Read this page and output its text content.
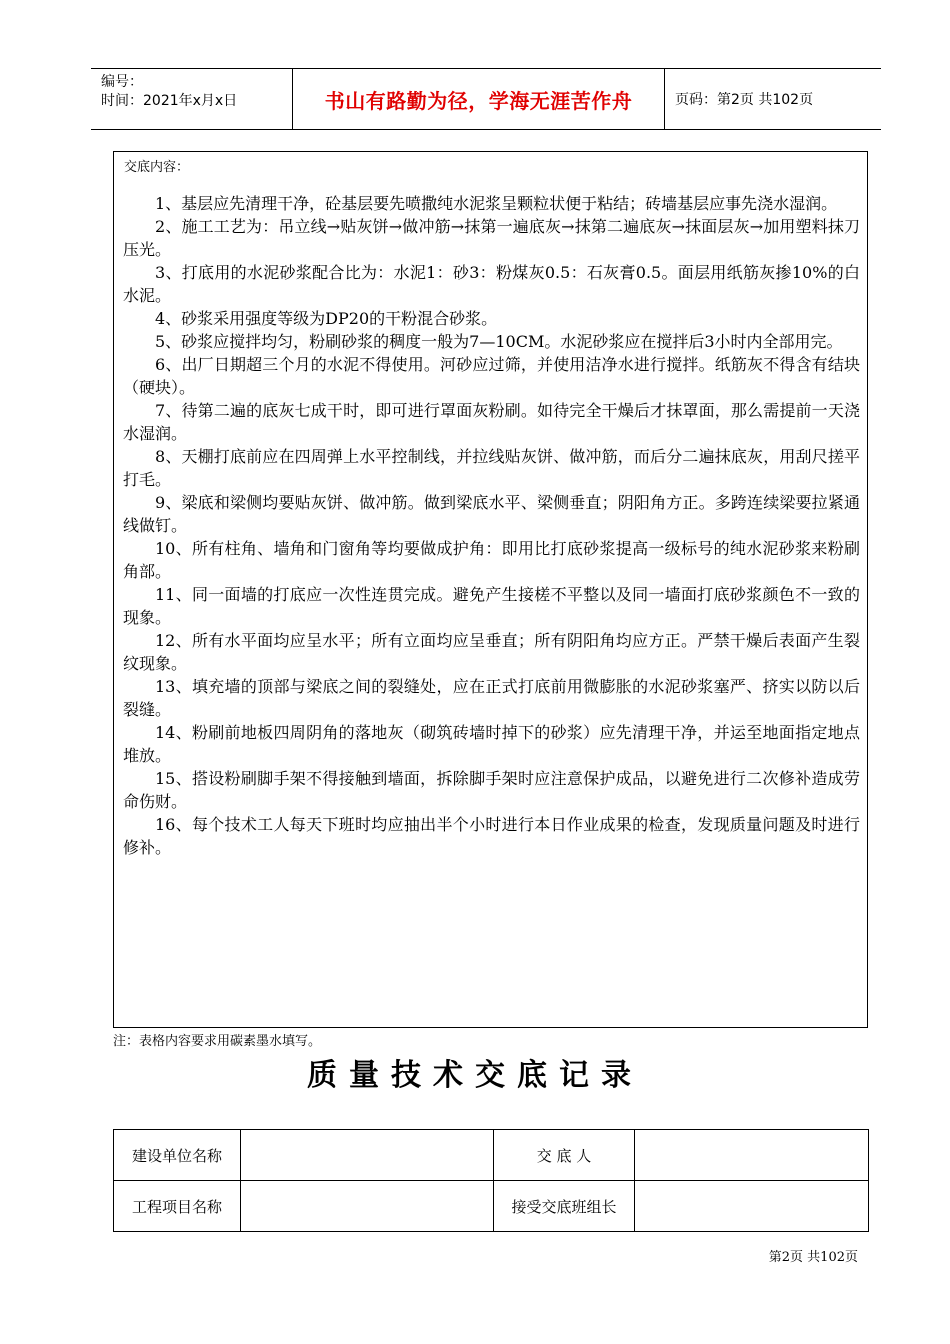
编号：
时间：2021年x月x日	书山有路勤为径，学海无涯苦作舟	页码：第2页 共102页
交底内容：

1、基层应先清理干净，砼基层要先喷撒纯水泥浆呈颗粒状便于粘结；砖墙基层应事先浇水湿润。

2、施工工艺为：吊立线→贴灰饼→做冲筋→抹第一遍底灰→抹第二遍底灰→抹面层灰→加用塑料抹刀压光。

3、打底用的水泥砂浆配合比为：水泥1：砂3：粉煤灰0.5：石灰膏0.5。面层用纸筋灰掺10%的白水泥。

4、砂浆采用强度等级为DP20的干粉混合砂浆。

5、砂浆应搅拌均匀，粉刷砂浆的稠度一般为7—10CM。水泥砂浆应在搅拌后3小时内全部用完。

6、出厂日期超三个月的水泥不得使用。河砂应过筛，并使用洁净水进行搅拌。纸筋灰不得含有结块（硬块）。

7、待第二遍的底灰七成干时，即可进行罩面灰粉刷。如待完全干燥后才抹罩面，那么需提前一天浇水湿润。

8、天棚打底前应在四周弹上水平控制线，并拉线贴灰饼、做冲筋，而后分二遍抹底灰，用刮尺搓平打毛。

9、梁底和梁侧均要贴灰饼、做冲筋。做到梁底水平、梁侧垂直；阴阳角方正。多跨连续梁要拉紧通线做钉。

10、所有柱角、墙角和门窗角等均要做成护角：即用比打底砂浆提高一级标号的纯水泥砂浆来粉刷角部。

11、同一面墙的打底应一次性连贯完成。避免产生接槎不平整以及同一墙面打底砂浆颜色不一致的现象。

12、所有水平面均应呈水平；所有立面均应呈垂直；所有阴阳角均应方正。严禁干燥后表面产生裂纹现象。

13、填充墙的顶部与梁底之间的裂缝处，应在正式打底前用微膨胀的水泥砂浆塞严、挤实以防以后裂缝。

14、粉刷前地板四周阴角的落地灰（砌筑砖墙时掉下的砂浆）应先清理干净，并运至地面指定地点堆放。

15、搭设粉刷脚手架不得接触到墙面，拆除脚手架时应注意保护成品，以避免进行二次修补造成劳命伤财。

16、每个技术工人每天下班时均应抽出半个小时进行本日作业成果的检查，发现质量问题及时进行修补。

注：表格内容要求用碳素墨水填写。
质量技术交底记录
建设单位名称		交 底 人	
工程项目名称		接受交底班组长	
第2页 共102页
